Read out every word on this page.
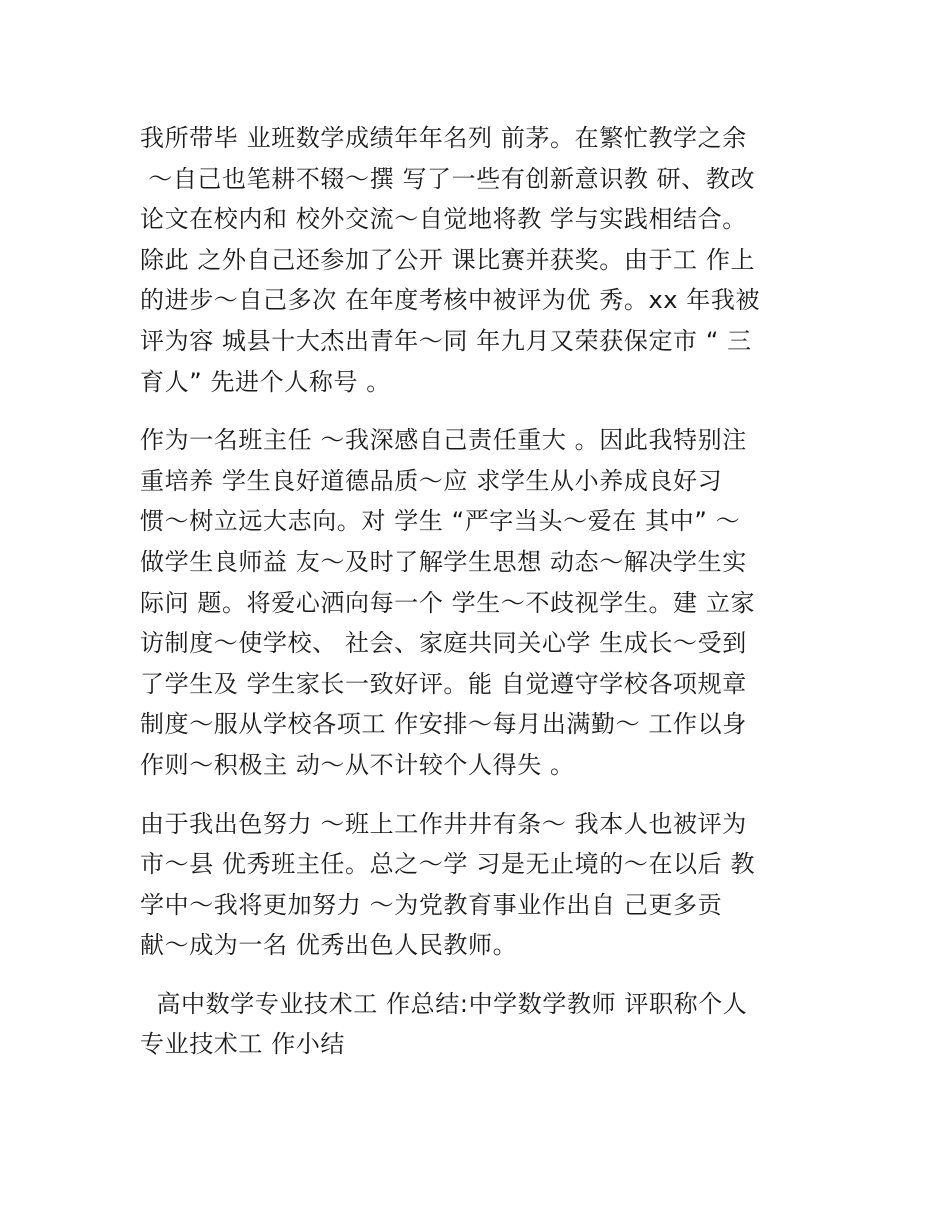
我所带毕 业班数学成绩年年名列 前茅。在繁忙教学之余
～自己也笔耕不辍～撰 写了一些有创新意识教 研、教改
论文在校内和 校外交流～自觉地将教 学与实践相结合。
除此 之外自己还参加了公开 课比赛并获奖。由于工 作上
的进步～自己多次 在年度考核中被评为优 秀。xx 年我被
评为容 城县十大杰出青年～同 年九月又荣获保定市 “ 三
育人” 先进个人称号 。
作为一名班主任 ～我深感自己责任重大 。因此我特别注
重培养 学生良好道德品质～应 求学生从小养成良好习
惯～树立远大志向。对 学生 “严字当头～爱在 其中” ～
做学生良师益 友～及时了解学生思想 动态～解决学生实
际问 题。将爱心洒向每一个 学生～不歧视学生。建 立家
访制度～使学校、 社会、家庭共同关心学 生成长～受到
了学生及 学生家长一致好评。能 自觉遵守学校各项规章
制度～服从学校各项工 作安排～每月出满勤～ 工作以身
作则～积极主 动～从不计较个人得失 。
由于我出色努力 ～班上工作井井有条～ 我本人也被评为
市～县 优秀班主任。总之～学 习是无止境的～在以后 教
学中～我将更加努力 ～为党教育事业作出自 己更多贡
献～成为一名 优秀出色人民教师。
高中数学专业技术工 作总结:中学数学教师 评职称个人
专业技术工 作小结
